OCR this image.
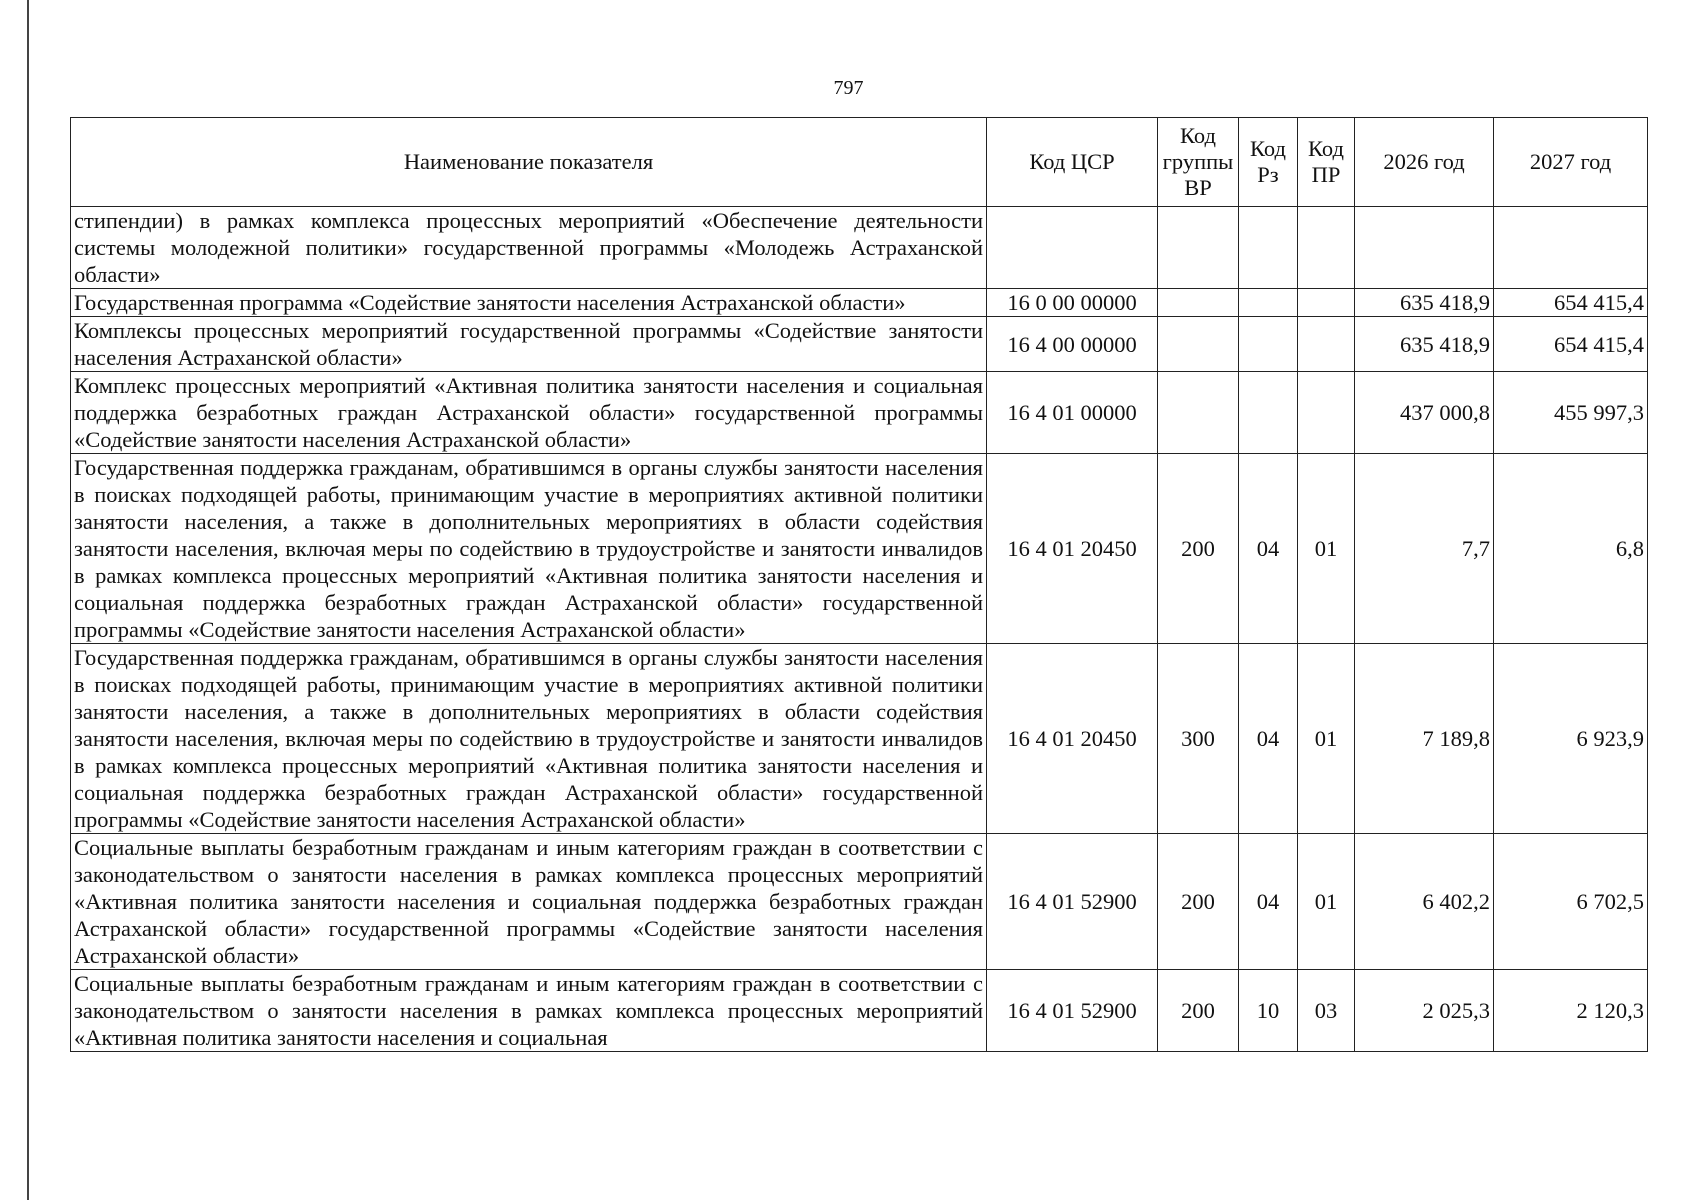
797
Наименование показателя	Код ЦСР	Код группы ВР	Код Рз	Код ПР	2026 год	2027 год
стипендии) в рамках комплекса процессных мероприятий «Обеспечение деятельности системы молодежной политики» государственной программы «Молодежь Астраханской области»						
Государственная программа «Содействие занятости населения Астраханской области»	16 0 00 00000				635 418,9	654 415,4
Комплексы процессных мероприятий государственной программы «Содействие занятости населения Астраханской области»	16 4 00 00000				635 418,9	654 415,4
Комплекс процессных мероприятий «Активная политика занятости населения и социальная поддержка безработных граждан Астраханской области» государственной программы «Содействие занятости населения Астраханской области»	16 4 01 00000				437 000,8	455 997,3
Государственная поддержка гражданам, обратившимся в органы службы занятости населения в поисках подходящей работы, принимающим участие в мероприятиях активной политики занятости населения, а также в дополнительных мероприятиях в области содействия занятости населения, включая меры по содействию в трудоустройстве и занятости инвалидов в рамках комплекса процессных мероприятий «Активная политика занятости населения и социальная поддержка безработных граждан Астраханской области» государственной программы «Содействие занятости населения Астраханской области»	16 4 01 20450	200	04	01	7,7	6,8
Государственная поддержка гражданам, обратившимся в органы службы занятости населения в поисках подходящей работы, принимающим участие в мероприятиях активной политики занятости населения, а также в дополнительных мероприятиях в области содействия занятости населения, включая меры по содействию в трудоустройстве и занятости инвалидов в рамках комплекса процессных мероприятий «Активная политика занятости населения и социальная поддержка безработных граждан Астраханской области» государственной программы «Содействие занятости населения Астраханской области»	16 4 01 20450	300	04	01	7 189,8	6 923,9
Социальные выплаты безработным гражданам и иным категориям граждан в соответствии с законодательством о занятости населения в рамках комплекса процессных мероприятий «Активная политика занятости населения и социальная поддержка безработных граждан Астраханской области» государственной программы «Содействие занятости населения Астраханской области»	16 4 01 52900	200	04	01	6 402,2	6 702,5
Социальные выплаты безработным гражданам и иным категориям граждан в соответствии с законодательством о занятости населения в рамках комплекса процессных мероприятий «Активная политика занятости населения и социальная	16 4 01 52900	200	10	03	2 025,3	2 120,3
